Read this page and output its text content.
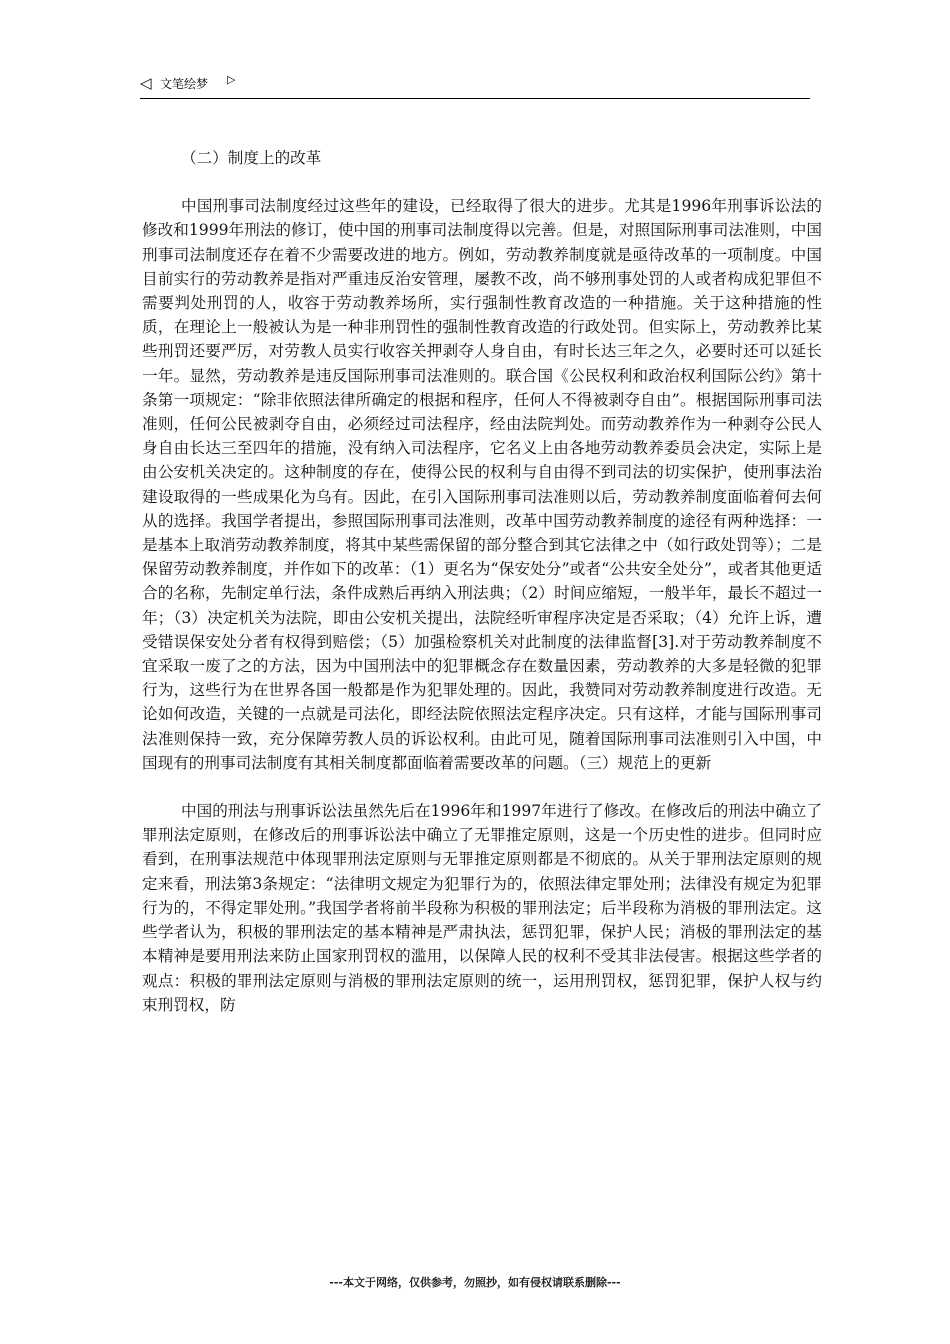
◁ 文笔绘梦 ▷
（二）制度上的改革

中国刑事司法制度经过这些年的建设，已经取得了很大的进步。尤其是1996年刑事诉讼法的修改和1999年刑法的修订，使中国的刑事司法制度得以完善。但是，对照国际刑事司法准则，中国刑事司法制度还存在着不少需要改进的地方。例如，劳动教养制度就是亟待改革的一项制度。中国目前实行的劳动教养是指对严重违反治安管理，屡教不改，尚不够刑事处罚的人或者构成犯罪但不需要判处刑罚的人，收容于劳动教养场所，实行强制性教育改造的一种措施。关于这种措施的性质，在理论上一般被认为是一种非刑罚性的强制性教育改造的行政处罚。但实际上，劳动教养比某些刑罚还要严厉，对劳教人员实行收容关押剥夺人身自由，有时长达三年之久，必要时还可以延长一年。显然，劳动教养是违反国际刑事司法准则的。联合国《公民权利和政治权利国际公约》第十条第一项规定：“除非依照法律所确定的根据和程序，任何人不得被剥夺自由”。根据国际刑事司法准则，任何公民被剥夺自由，必须经过司法程序，经由法院判处。而劳动教养作为一种剥夺公民人身自由长达三至四年的措施，没有纳入司法程序，它名义上由各地劳动教养委员会决定，实际上是由公安机关决定的。这种制度的存在，使得公民的权利与自由得不到司法的切实保护，使刑事法治建设取得的一些成果化为乌有。因此，在引入国际刑事司法准则以后，劳动教养制度面临着何去何从的选择。我国学者提出，参照国际刑事司法准则，改革中国劳动教养制度的途径有两种选择：一是基本上取消劳动教养制度，将其中某些需保留的部分整合到其它法律之中（如行政处罚等）；二是保留劳动教养制度，并作如下的改革：（1）更名为“保安处分”或者“公共安全处分”，或者其他更适合的名称，先制定单行法，条件成熟后再纳入刑法典；（2）时间应缩短，一般半年，最长不超过一年；（3）决定机关为法院，即由公安机关提出，法院经听审程序决定是否采取；（4）允许上诉，遭受错误保安处分者有权得到赔偿；（5）加强检察机关对此制度的法律监督[3].对于劳动教养制度不宜采取一废了之的方法，因为中国刑法中的犯罪概念存在数量因素，劳动教养的大多是轻微的犯罪行为，这些行为在世界各国一般都是作为犯罪处理的。因此，我赞同对劳动教养制度进行改造。无论如何改造，关键的一点就是司法化，即经法院依照法定程序决定。只有这样，才能与国际刑事司法准则保持一致，充分保障劳教人员的诉讼权利。由此可见，随着国际刑事司法准则引入中国，中国现有的刑事司法制度有其相关制度都面临着需要改革的问题。（三）规范上的更新

中国的刑法与刑事诉讼法虽然先后在1996年和1997年进行了修改。在修改后的刑法中确立了罪刑法定原则，在修改后的刑事诉讼法中确立了无罪推定原则，这是一个历史性的进步。但同时应看到，在刑事法规范中体现罪刑法定原则与无罪推定原则都是不彻底的。从关于罪刑法定原则的规定来看，刑法第3条规定：“法律明文规定为犯罪行为的，依照法律定罪处刑；法律没有规定为犯罪行为的，不得定罪处刑。”我国学者将前半段称为积极的罪刑法定；后半段称为消极的罪刑法定。这些学者认为，积极的罪刑法定的基本精神是严肃执法，惩罚犯罪，保护人民；消极的罪刑法定的基本精神是要用刑法来防止国家刑罚权的滥用，以保障人民的权利不受其非法侵害。根据这些学者的观点：积极的罪刑法定原则与消极的罪刑法定原则的统一，运用刑罚权，惩罚犯罪，保护人权与约束刑罚权，防

---本文于网络，仅供参考，勿照抄，如有侵权请联系删除---
